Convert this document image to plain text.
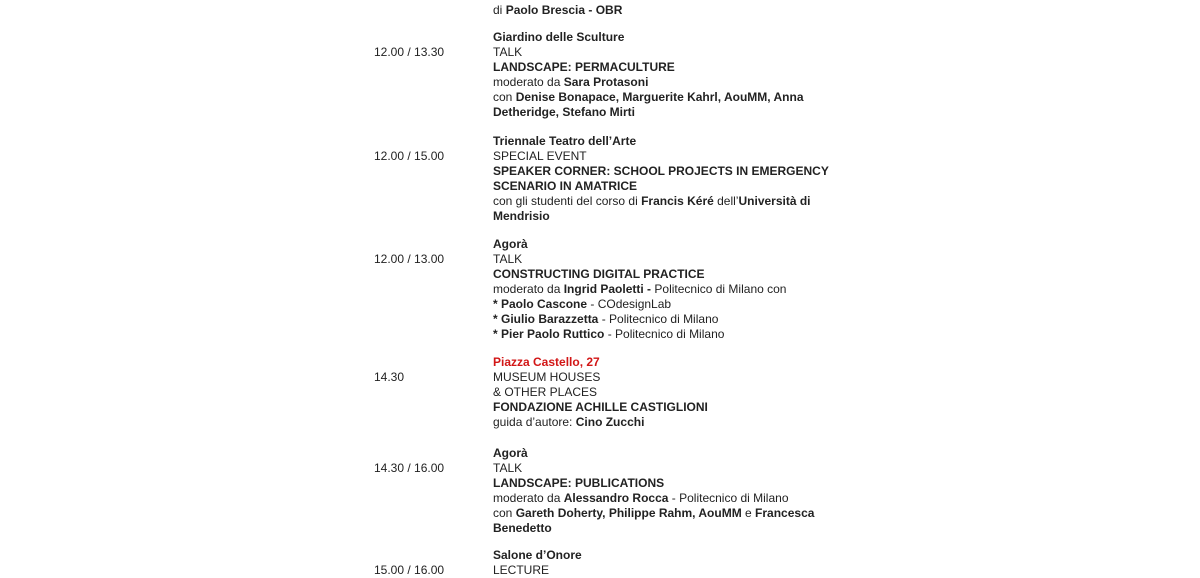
di Paolo Brescia - OBR
12.00 / 13.30
Giardino delle Sculture
TALK
LANDSCAPE: PERMACULTURE
moderato da Sara Protasoni
con Denise Bonapace, Marguerite Kahrl, AouMM, Anna
Detheridge, Stefano Mirti
12.00 / 15.00
Triennale Teatro dell’Arte
SPECIAL EVENT
SPEAKER CORNER: SCHOOL PROJECTS IN EMERGENCY
SCENARIO IN AMATRICE
con gli studenti del corso di Francis Kéré dell’Università di
Mendrisio
12.00 / 13.00
Agorà
TALK
CONSTRUCTING DIGITAL PRACTICE
moderato da Ingrid Paoletti - Politecnico di Milano con
* Paolo Cascone - COdesignLab
* Giulio Barazzetta - Politecnico di Milano
* Pier Paolo Ruttico - Politecnico di Milano
14.30
Piazza Castello, 27
MUSEUM HOUSES
& OTHER PLACES
FONDAZIONE ACHILLE CASTIGLIONI
guida d’autore: Cino Zucchi
14.30 / 16.00
Agorà
TALK
LANDSCAPE: PUBLICATIONS
moderato da Alessandro Rocca - Politecnico di Milano
con Gareth Doherty, Philippe Rahm, AouMM e Francesca
Benedetto
15.00 / 16.00
Salone d’Onore
LECTURE
